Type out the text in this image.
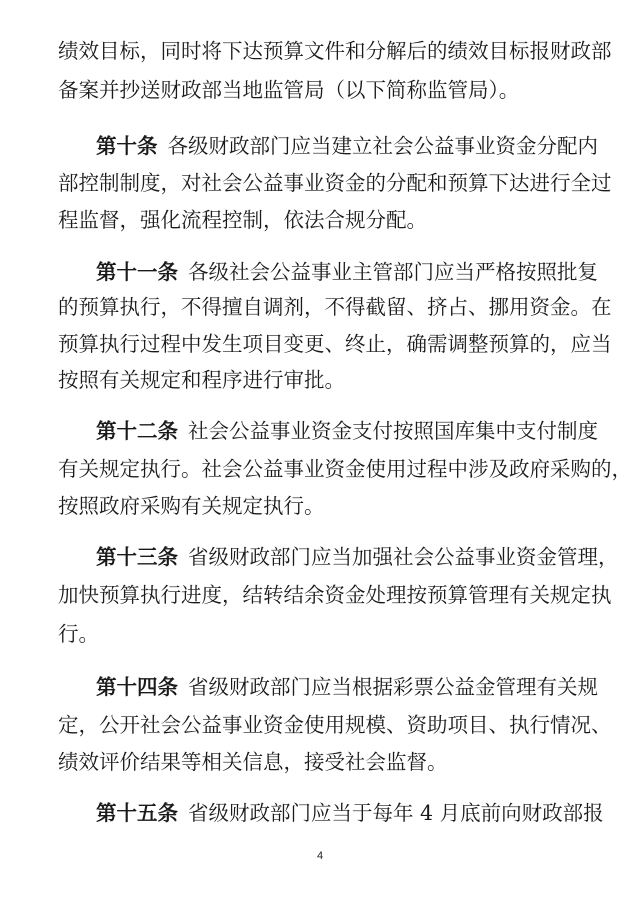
绩效目标，同时将下达预算文件和分解后的绩效目标报财政部
备案并抄送财政部当地监管局（以下简称监管局）。
第十条 各级财政部门应当建立社会公益事业资金分配内
部控制制度，对社会公益事业资金的分配和预算下达进行全过
程监督，强化流程控制，依法合规分配。
第十一条 各级社会公益事业主管部门应当严格按照批复
的预算执行，不得擅自调剂，不得截留、挤占、挪用资金。在
预算执行过程中发生项目变更、终止，确需调整预算的，应当
按照有关规定和程序进行审批。
第十二条 社会公益事业资金支付按照国库集中支付制度
有关规定执行。社会公益事业资金使用过程中涉及政府采购的，
按照政府采购有关规定执行。
第十三条 省级财政部门应当加强社会公益事业资金管理，
加快预算执行进度，结转结余资金处理按预算管理有关规定执
行。
第十四条 省级财政部门应当根据彩票公益金管理有关规
定，公开社会公益事业资金使用规模、资助项目、执行情况、
绩效评价结果等相关信息，接受社会监督。
第十五条 省级财政部门应当于每年 4 月底前向财政部报
4
